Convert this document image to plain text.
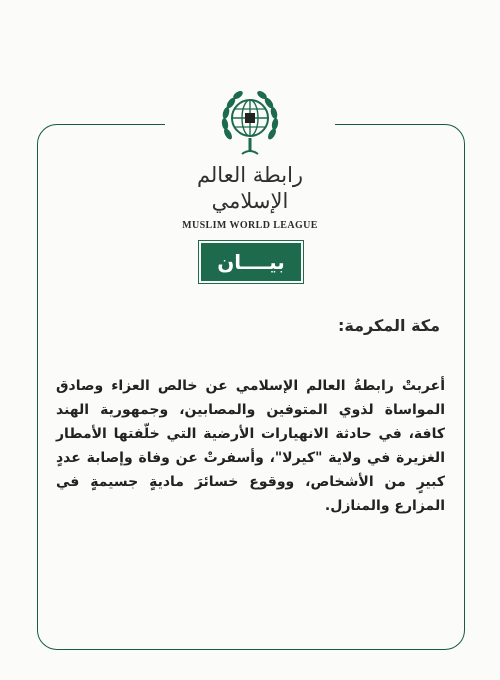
رابطة العالم الإسلامي
MUSLIM WORLD LEAGUE
بيــــان
مكة المكرمة:
أعربتْ رابطةُ العالم الإسلامي عن خالص العزاء وصادق المواساة لذوي المتوفين والمصابين، وجمهورية الهند كافة، في حادثة الانهيارات الأرضية التي خلّفتها الأمطار الغزيرة في ولاية "كيرلا"، وأسفرتْ عن وفاة وإصابة عددٍ كبيرٍ من الأشخاص، ووقوع خسائرَ ماديةٍ جسيمةٍ في المزارع والمنازل.
